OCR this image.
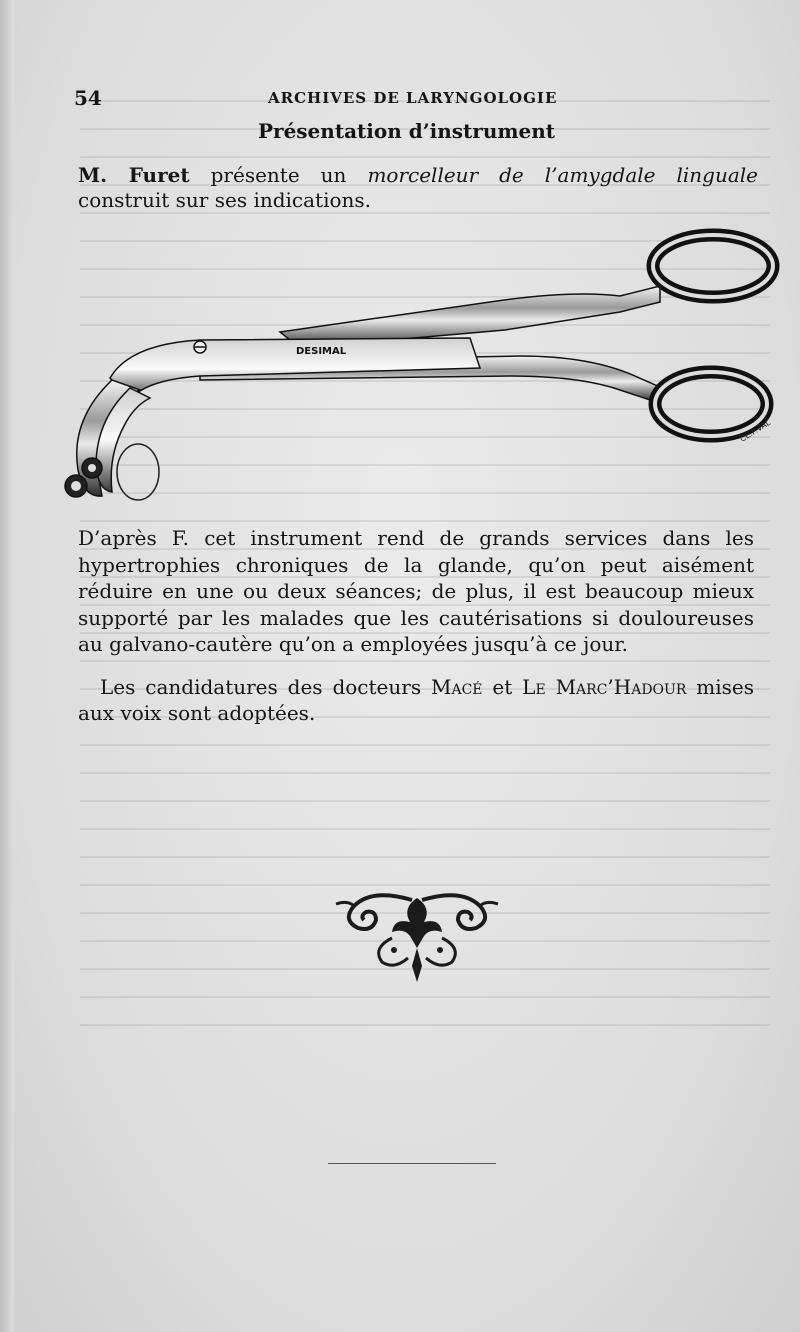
54	ARCHIVES DE LARYNGOLOGIE
Présentation d’instrument
M. Furet présente un morcelleur de l’amygdale linguale
construit sur ses indications.
DESIMAL
CE.P.VAL
D’après F. cet instrument rend de grands services dans les
hypertrophies chroniques de la glande, qu’on peut aisément
réduire en une ou deux séances; de plus, il est beaucoup mieux
supporté par les malades que les cautérisations si douloureuses
au galvano-cautère qu’on a employées jusqu’à ce jour.
Les candidatures des docteurs Macé et Le Marc’Hadour mises
aux voix sont adoptées.
